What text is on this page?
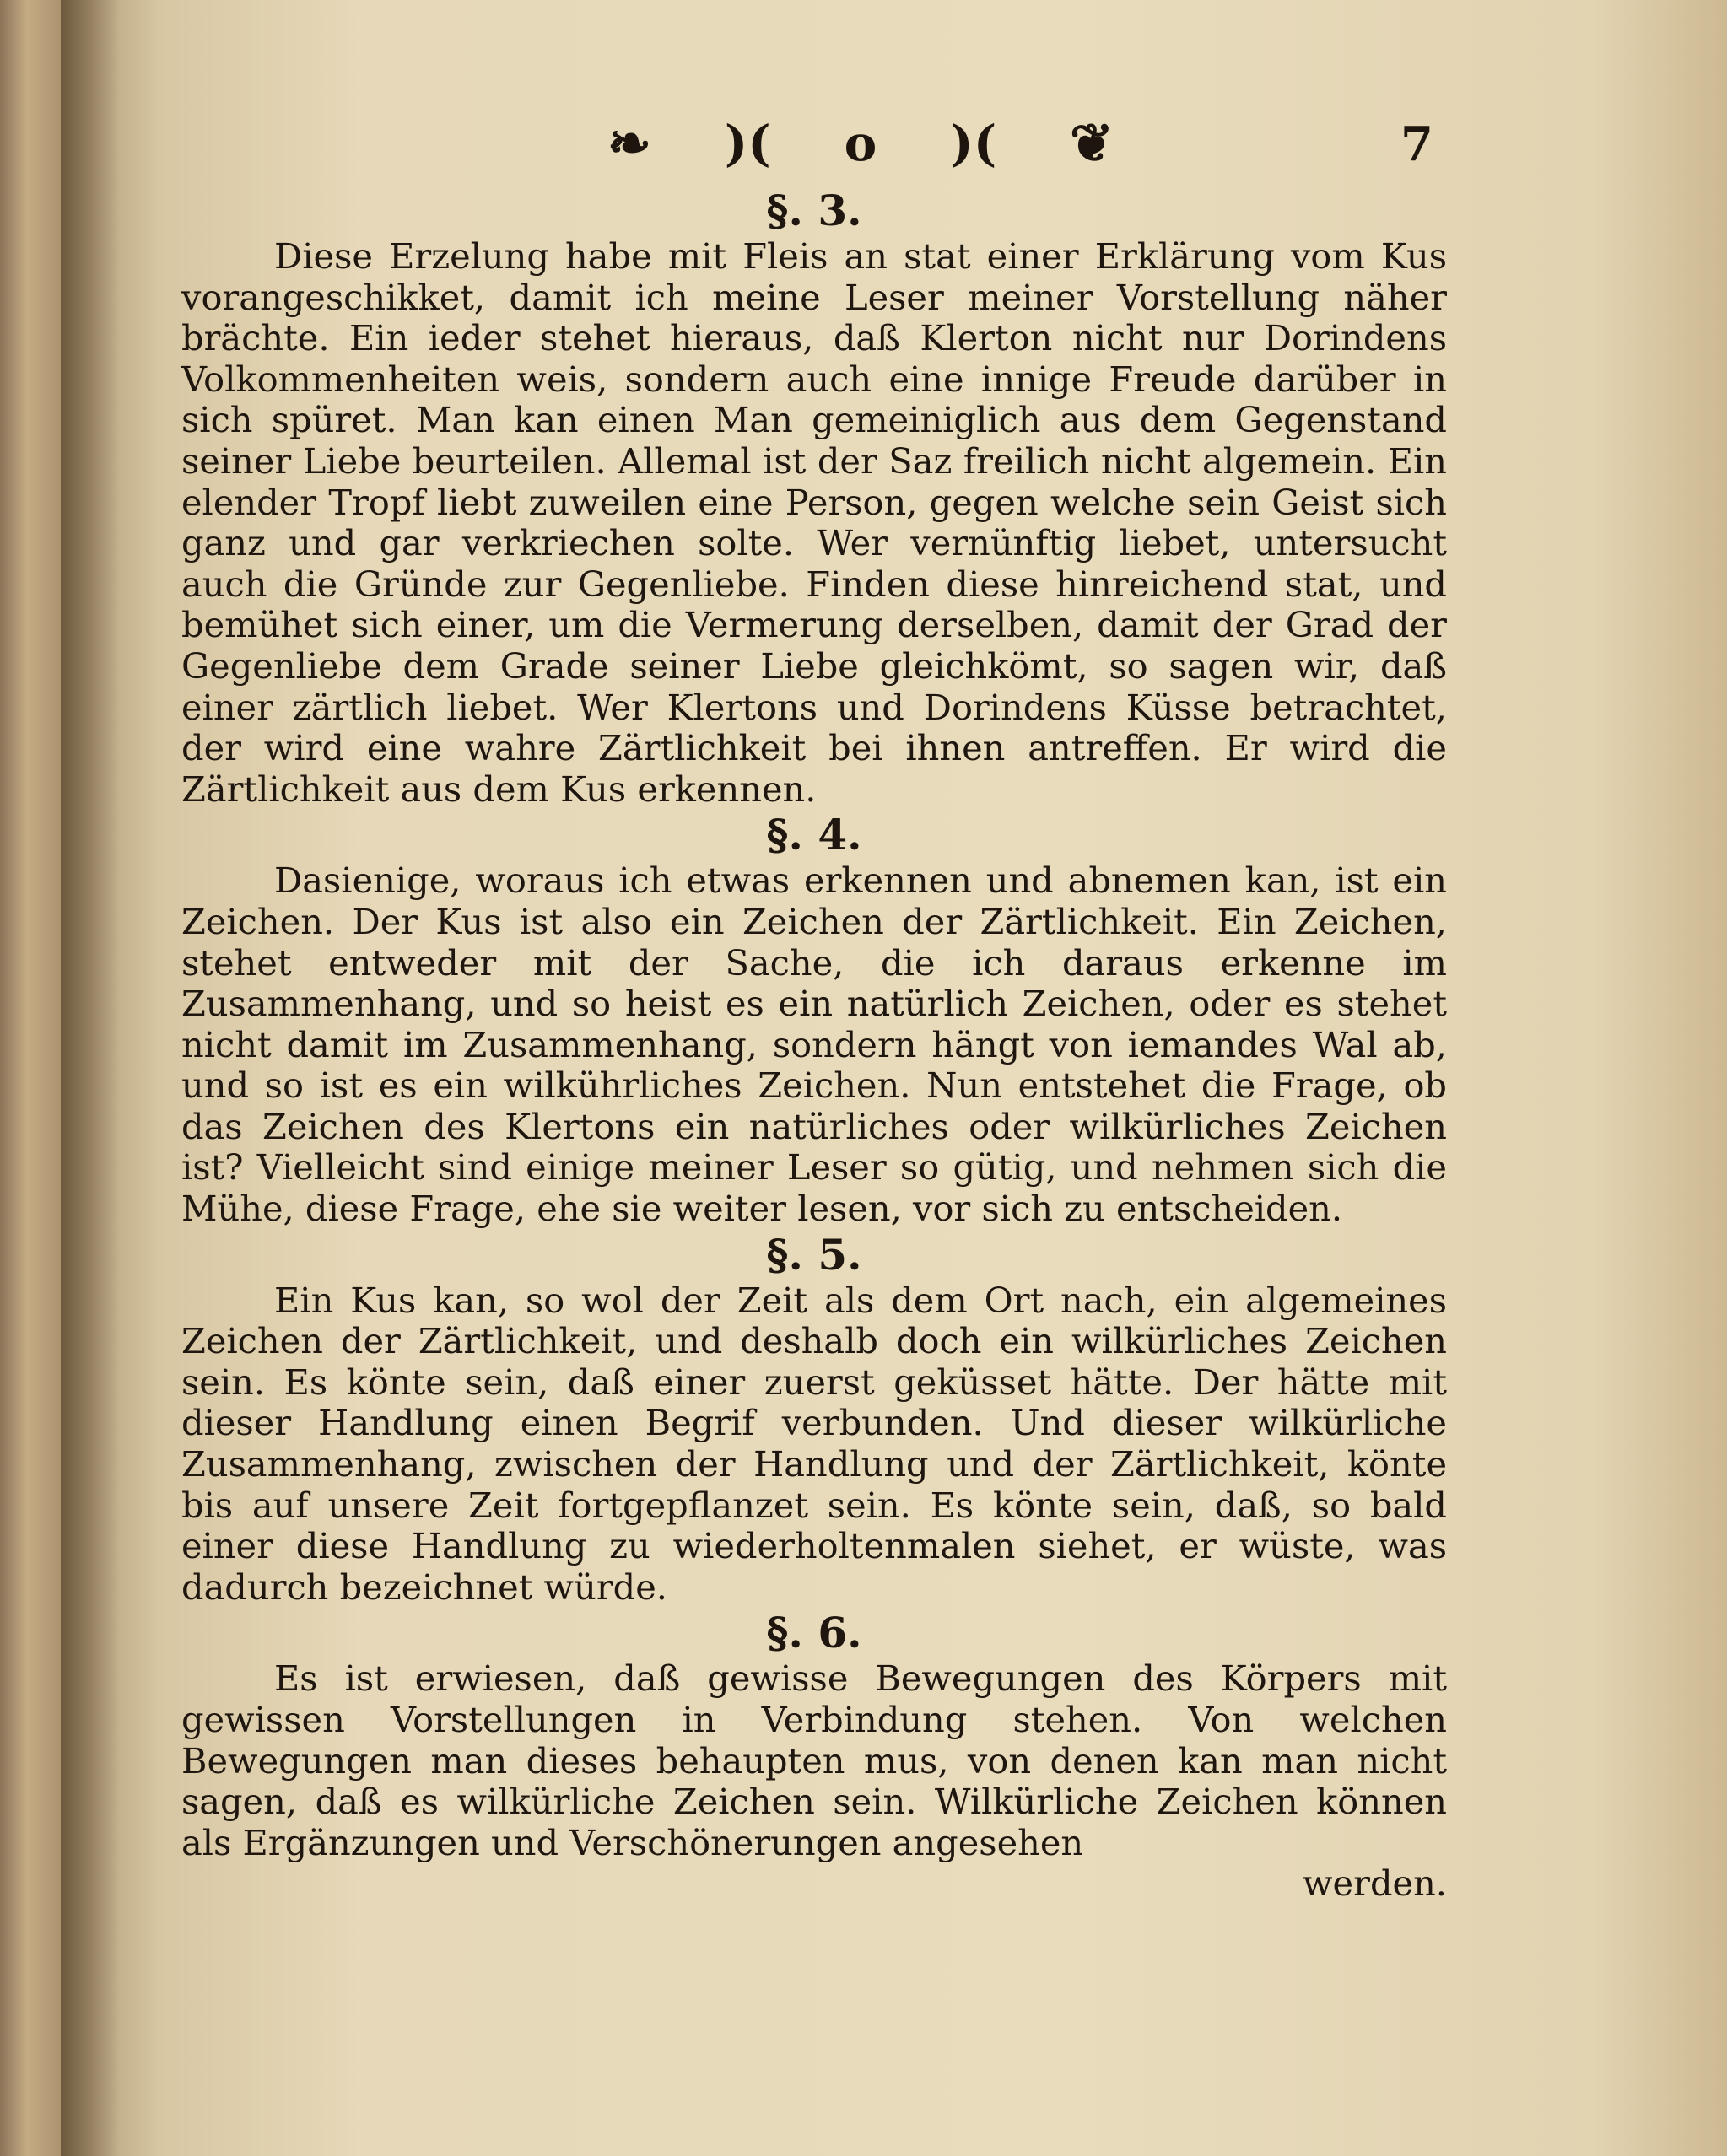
❧ )( o )( ❦	7

§. 3.

Diese Erzelung habe mit Fleis an stat einer Erklärung vom Kus vorangeschikket, damit ich meine Leser meiner Vorstellung näher brächte. Ein ieder stehet hieraus, daß Klerton nicht nur Dorindens Volkommenheiten weis, sondern auch eine innige Freude darüber in sich spüret. Man kan einen Man gemeiniglich aus dem Gegenstand seiner Liebe beurteilen. Allemal ist der Saz freilich nicht algemein. Ein elender Tropf liebt zuweilen eine Person, gegen welche sein Geist sich ganz und gar verkriechen solte. Wer vernünftig liebet, untersucht auch die Gründe zur Gegenliebe. Finden diese hinreichend stat, und bemühet sich einer, um die Vermerung derselben, damit der Grad der Gegenliebe dem Grade seiner Liebe gleichkömt, so sagen wir, daß einer zärtlich liebet. Wer Klertons und Dorindens Küsse betrachtet, der wird eine wahre Zärtlichkeit bei ihnen antreffen. Er wird die Zärtlichkeit aus dem Kus erkennen.

§. 4.

Dasienige, woraus ich etwas erkennen und abnemen kan, ist ein Zeichen. Der Kus ist also ein Zeichen der Zärtlichkeit. Ein Zeichen, stehet entweder mit der Sache, die ich daraus erkenne im Zusammenhang, und so heist es ein natürlich Zeichen, oder es stehet nicht damit im Zusammenhang, sondern hängt von iemandes Wal ab, und so ist es ein wilkührliches Zeichen. Nun entstehet die Frage, ob das Zeichen des Klertons ein natürliches oder wilkürliches Zeichen ist? Vielleicht sind einige meiner Leser so gütig, und nehmen sich die Mühe, diese Frage, ehe sie weiter lesen, vor sich zu entscheiden.

§. 5.

Ein Kus kan, so wol der Zeit als dem Ort nach, ein algemeines Zeichen der Zärtlichkeit, und deshalb doch ein wilkürliches Zeichen sein. Es könte sein, daß einer zuerst geküsset hätte. Der hätte mit dieser Handlung einen Begrif verbunden. Und dieser wilkürliche Zusammenhang, zwischen der Handlung und der Zärtlichkeit, könte bis auf unsere Zeit fortgepflanzet sein. Es könte sein, daß, so bald einer diese Handlung zu wiederholtenmalen siehet, er wüste, was dadurch bezeichnet würde.

§. 6.

Es ist erwiesen, daß gewisse Bewegungen des Körpers mit gewissen Vorstellungen in Verbindung stehen. Von welchen Bewegungen man dieses behaupten mus, von denen kan man nicht sagen, daß es wilkürliche Zeichen sein. Wilkürliche Zeichen können als Ergänzungen und Verschönerungen angesehen

werden.
